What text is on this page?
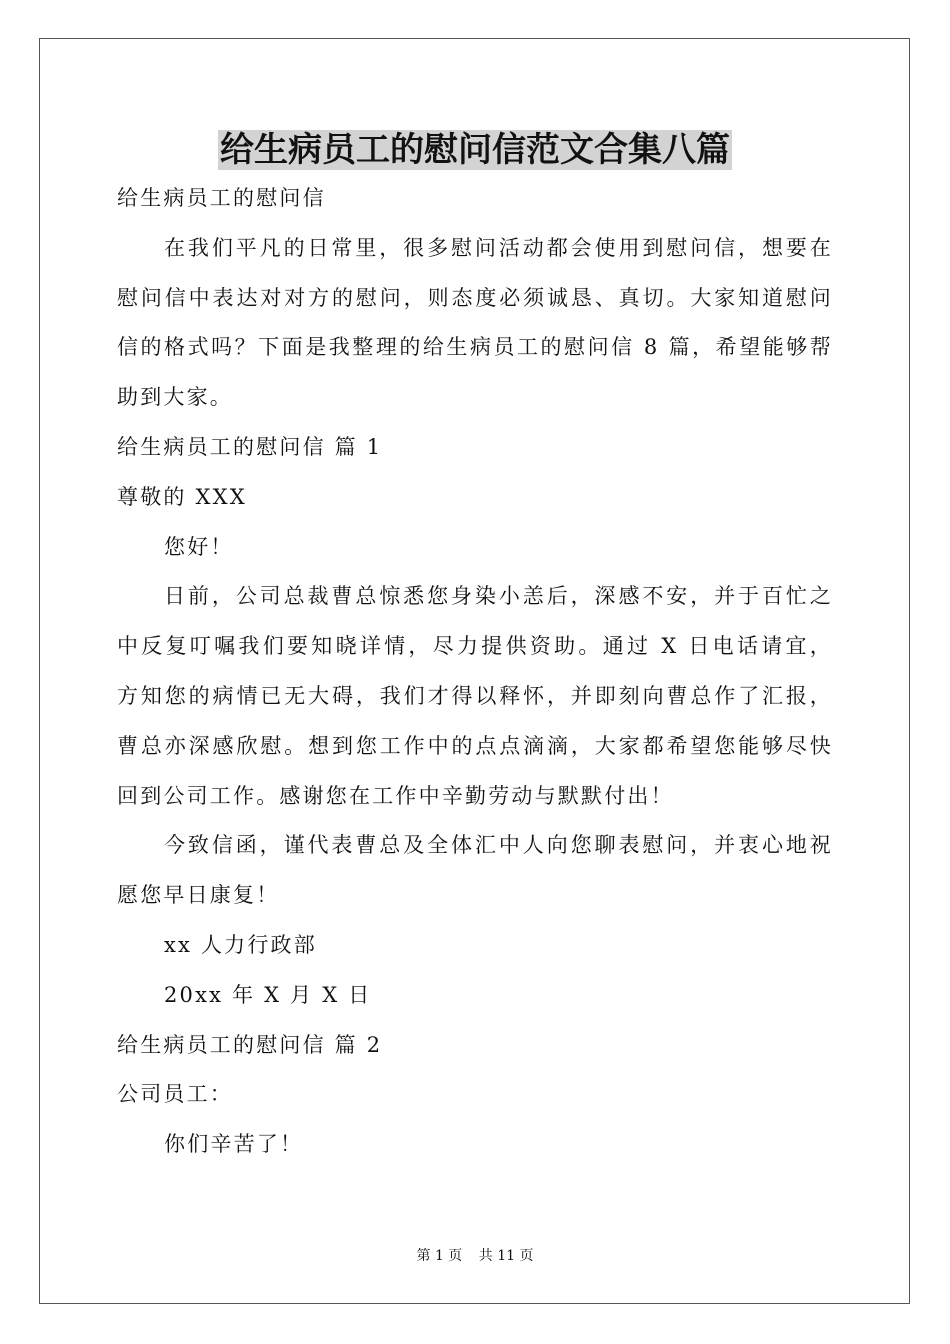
给生病员工的慰问信范文合集八篇

给生病员工的慰问信

在我们平凡的日常里，很多慰问活动都会使用到慰问信，想要在

慰问信中表达对对方的慰问，则态度必须诚恳、真切。大家知道慰问

信的格式吗？下面是我整理的给生病员工的慰问信 8 篇，希望能够帮

助到大家。

给生病员工的慰问信 篇 1

尊敬的 XXX

您好！

日前，公司总裁曹总惊悉您身染小恙后，深感不安，并于百忙之

中反复叮嘱我们要知晓详情，尽力提供资助。通过 X 日电话请宜，

方知您的病情已无大碍，我们才得以释怀，并即刻向曹总作了汇报，

曹总亦深感欣慰。想到您工作中的点点滴滴，大家都希望您能够尽快

回到公司工作。感谢您在工作中辛勤劳动与默默付出！

今致信函，谨代表曹总及全体汇中人向您聊表慰问，并衷心地祝

愿您早日康复！

xx 人力行政部

20xx 年 X 月 X 日

给生病员工的慰问信 篇 2

公司员工：

你们辛苦了！

第 1 页 共 11 页
